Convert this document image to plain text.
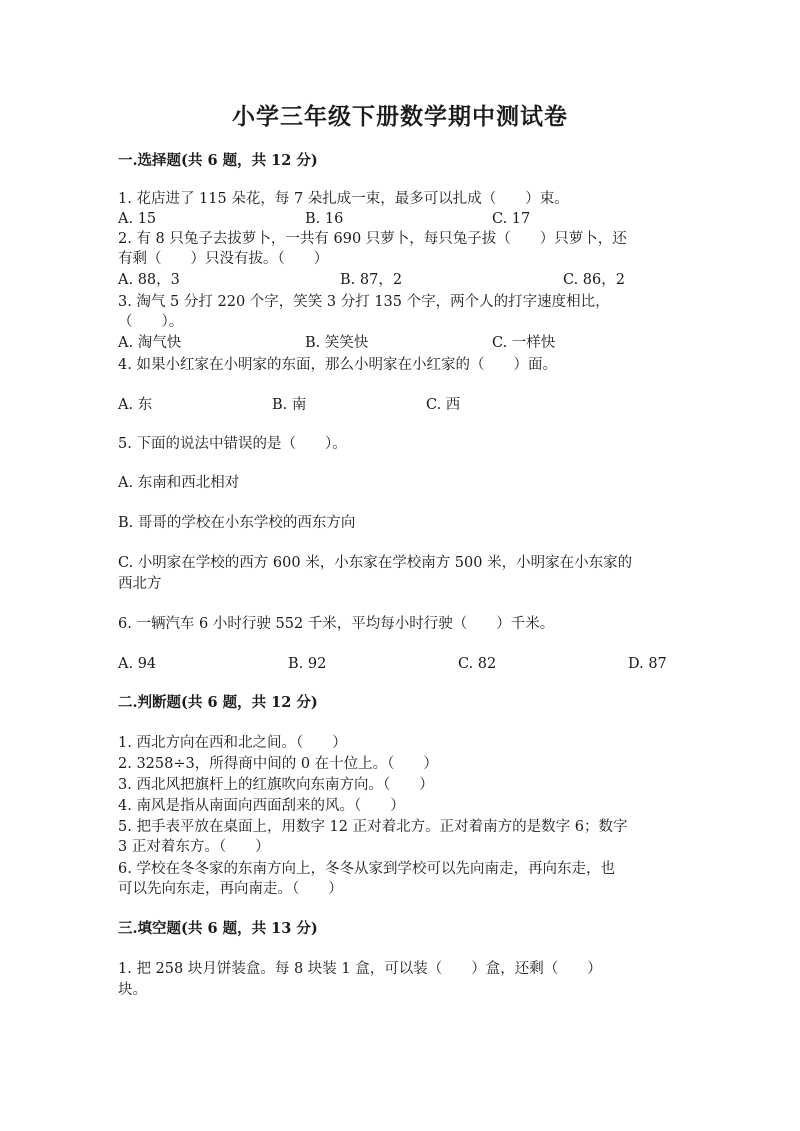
小学三年级下册数学期中测试卷
一.选择题(共 6 题，共 12 分)
1. 花店进了 115 朵花，每 7 朵扎成一束，最多可以扎成（　　）束。
A. 15	B. 16	C. 17
2. 有 8 只兔子去拔萝卜，一共有 690 只萝卜，每只兔子拔（　　）只萝卜，还
有剩（　　）只没有拔。（　　）
A. 88，3	B. 87，2	C. 86，2
3. 淘气 5 分打 220 个字，笑笑 3 分打 135 个字，两个人的打字速度相比，
（　　）。
A. 淘气快	B. 笑笑快	C. 一样快
4. 如果小红家在小明家的东面，那么小明家在小红家的（　　）面。
A. 东	B. 南	C. 西
5. 下面的说法中错误的是（　　）。
A. 东南和西北相对
B. 哥哥的学校在小东学校的西东方向
C. 小明家在学校的西方 600 米，小东家在学校南方 500 米，小明家在小东家的
西北方
6. 一辆汽车 6 小时行驶 552 千米，平均每小时行驶（　　）千米。
A. 94	B. 92	C. 82	D. 87
二.判断题(共 6 题，共 12 分)
1. 西北方向在西和北之间。（　　）
2. 3258÷3，所得商中间的 0 在十位上。（　　）
3. 西北风把旗杆上的红旗吹向东南方向。（　　）
4. 南风是指从南面向西面刮来的风。（　　）
5. 把手表平放在桌面上，用数字 12 正对着北方。正对着南方的是数字 6；数字
3 正对着东方。（　　）
6. 学校在冬冬家的东南方向上，冬冬从家到学校可以先向南走，再向东走，也
可以先向东走，再向南走。（　　）
三.填空题(共 6 题，共 13 分)
1. 把 258 块月饼装盒。每 8 块装 1 盒，可以装（　　）盒，还剩（　　）
块。
